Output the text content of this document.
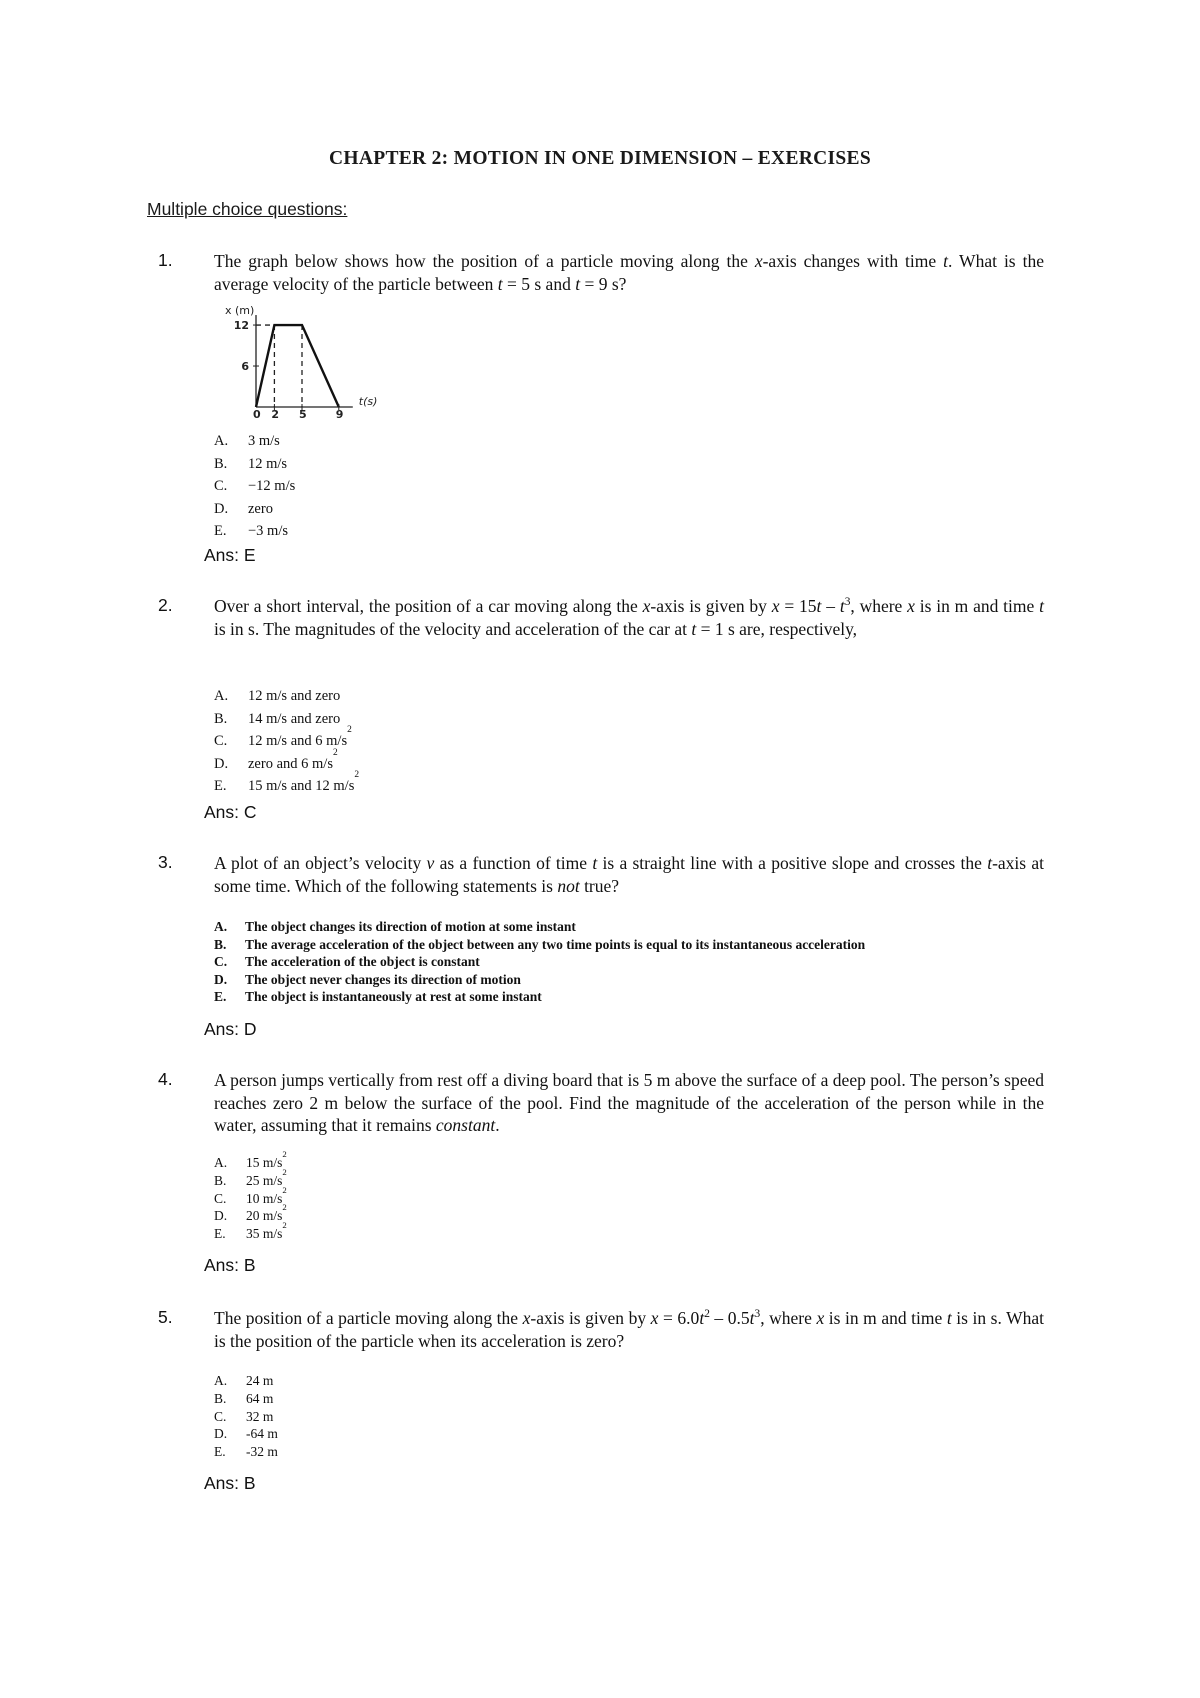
CHAPTER 2: MOTION IN ONE DIMENSION – EXERCISES
Multiple choice questions:
1. The graph below shows how the position of a particle moving along the x-axis changes with time t. What is the average velocity of the particle between t = 5 s and t = 9 s?
x (m)
0 2 5	9
12
6
t(s)
A.	3 m/s
B.	12 m/s
C.	−12 m/s
D.	zero
E.	−3 m/s
Ans: E
2. Over a short interval, the position of a car moving along the x-axis is given by $x = 15t - t^3$, where x is in m and time t is in s. The magnitudes of the velocity and acceleration of the car at t = 1 s are, respectively,
A.	12 m/s and zero
B.	14 m/s and zero
C.	12 m/s and 6 m/s
2
D.	zero and 6 m/s
2
E.	15 m/s and 12 m/s
2
Ans: C
3. A plot of an object’s velocity v as a function of time t is a straight line with a positive slope and crosses the t-axis at some time. Which of the following statements is not true?
A.	The object changes its direction of motion at some instant
B.	The average acceleration of the object between any two time points is equal to its instantaneous acceleration
C.	The acceleration of the object is constant
D.	The object never changes its direction of motion
E.	The object is instantaneously at rest at some instant
Ans: D
4. A person jumps vertically from rest off a diving board that is 5 m above the surface of a deep pool. The person’s speed reaches zero 2 m below the surface of the pool. Find the magnitude of the acceleration of the person while in the water, assuming that it remains constant.
A.	15 m/s
2
B.	25 m/s
2
C.	10 m/s
2
D.	20 m/s
2
E.	35 m/s
2
Ans: B
5. The position of a particle moving along the x-axis is given by $x = 6.0t^2 - 0.5t^3$, where x is in m and time t is in s. What is the position of the particle when its acceleration is zero?
A.	24 m
B.	64 m
C.	32 m
D.	-64 m
E.	-32 m
Ans: B
